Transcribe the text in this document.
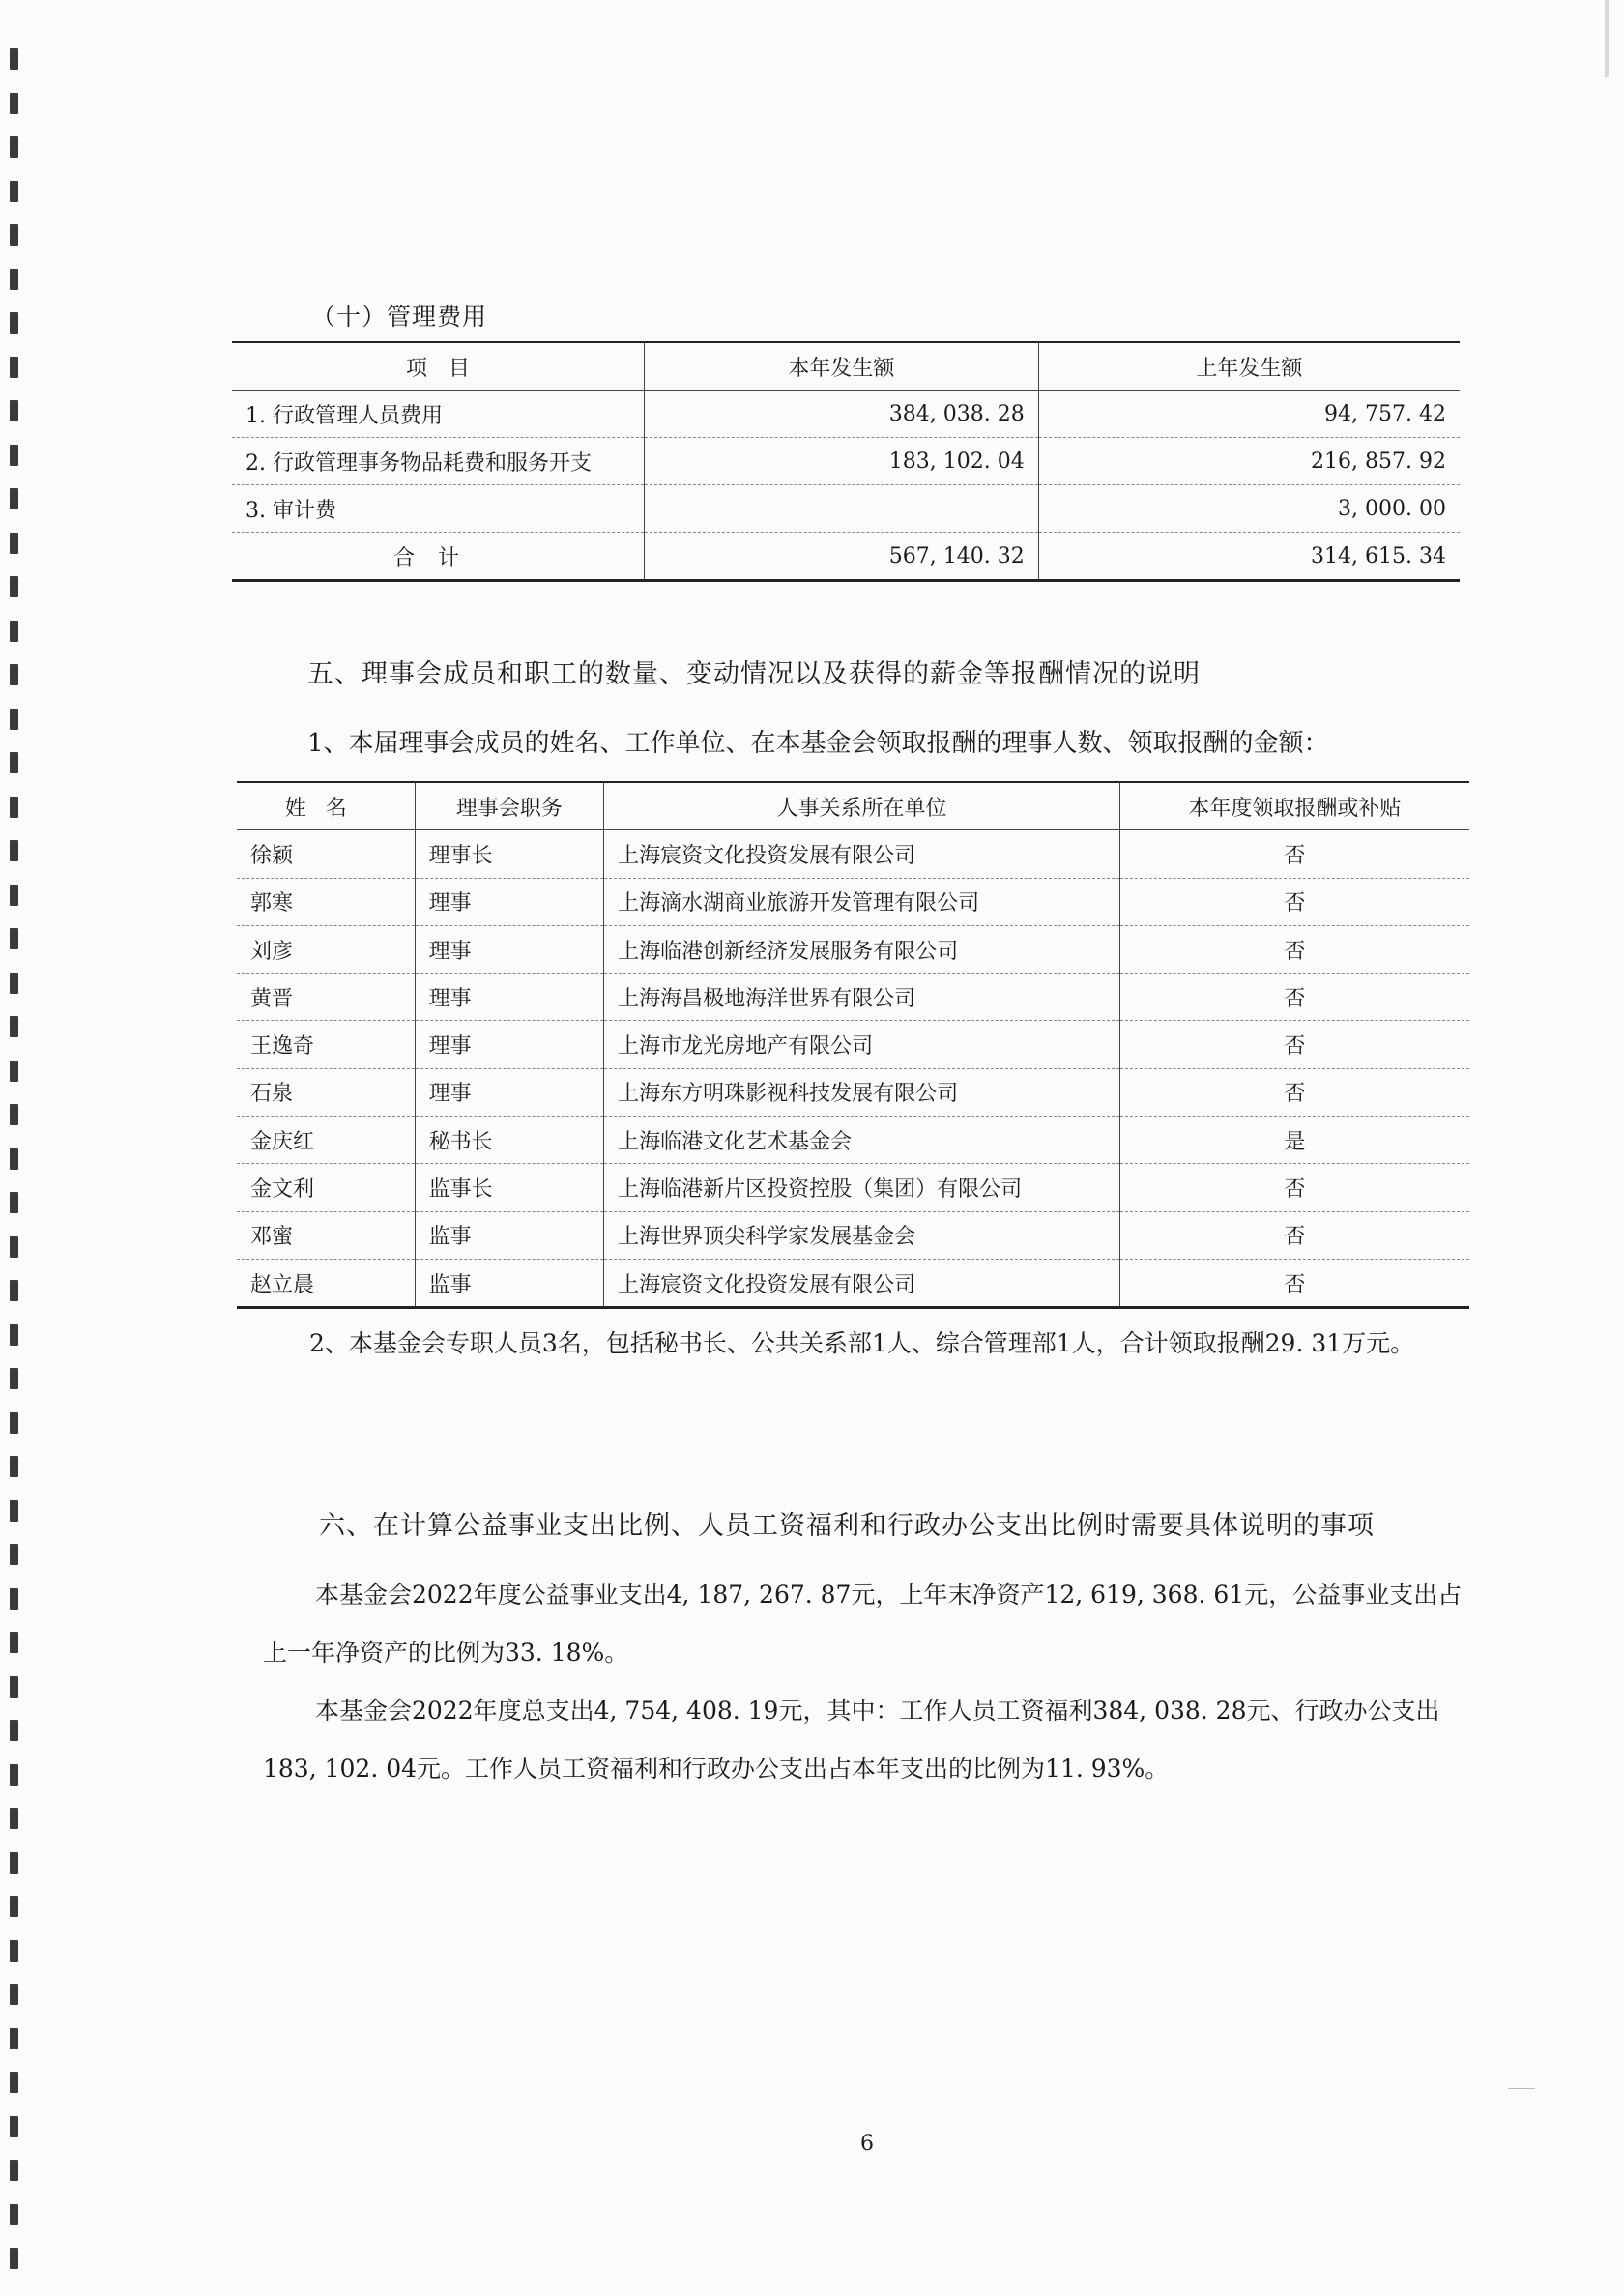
（十）管理费用
项　目	本年发生额	上年发生额
1. 行政管理人员费用	384, 038. 28	94, 757. 42
2. 行政管理事务物品耗费和服务开支	183, 102. 04	216, 857. 92
3. 审计费		3, 000. 00
合计	567, 140. 32	314, 615. 34
五、理事会成员和职工的数量、变动情况以及获得的薪金等报酬情况的说明
1、本届理事会成员的姓名、工作单位、在本基金会领取报酬的理事人数、领取报酬的金额：
姓名	理事会职务	人事关系所在单位	本年度领取报酬或补贴
徐颖	理事长	上海宸资文化投资发展有限公司	否
郭寒	理事	上海滴水湖商业旅游开发管理有限公司	否
刘彦	理事	上海临港创新经济发展服务有限公司	否
黄晋	理事	上海海昌极地海洋世界有限公司	否
王逸奇	理事	上海市龙光房地产有限公司	否
石泉	理事	上海东方明珠影视科技发展有限公司	否
金庆红	秘书长	上海临港文化艺术基金会	是
金文利	监事长	上海临港新片区投资控股（集团）有限公司	否
邓蜜	监事	上海世界顶尖科学家发展基金会	否
赵立晨	监事	上海宸资文化投资发展有限公司	否
2、本基金会专职人员3名，包括秘书长、公共关系部1人、综合管理部1人，合计领取报酬29. 31万元。
六、在计算公益事业支出比例、人员工资福利和行政办公支出比例时需要具体说明的事项
本基金会2022年度公益事业支出4, 187, 267. 87元，上年末净资产12, 619, 368. 61元，公益事业支出占上一年净资产的比例为33. 18%。
本基金会2022年度总支出4, 754, 408. 19元，其中：工作人员工资福利384, 038. 28元、行政办公支出183, 102. 04元。工作人员工资福利和行政办公支出占本年支出的比例为11. 93%。
6
